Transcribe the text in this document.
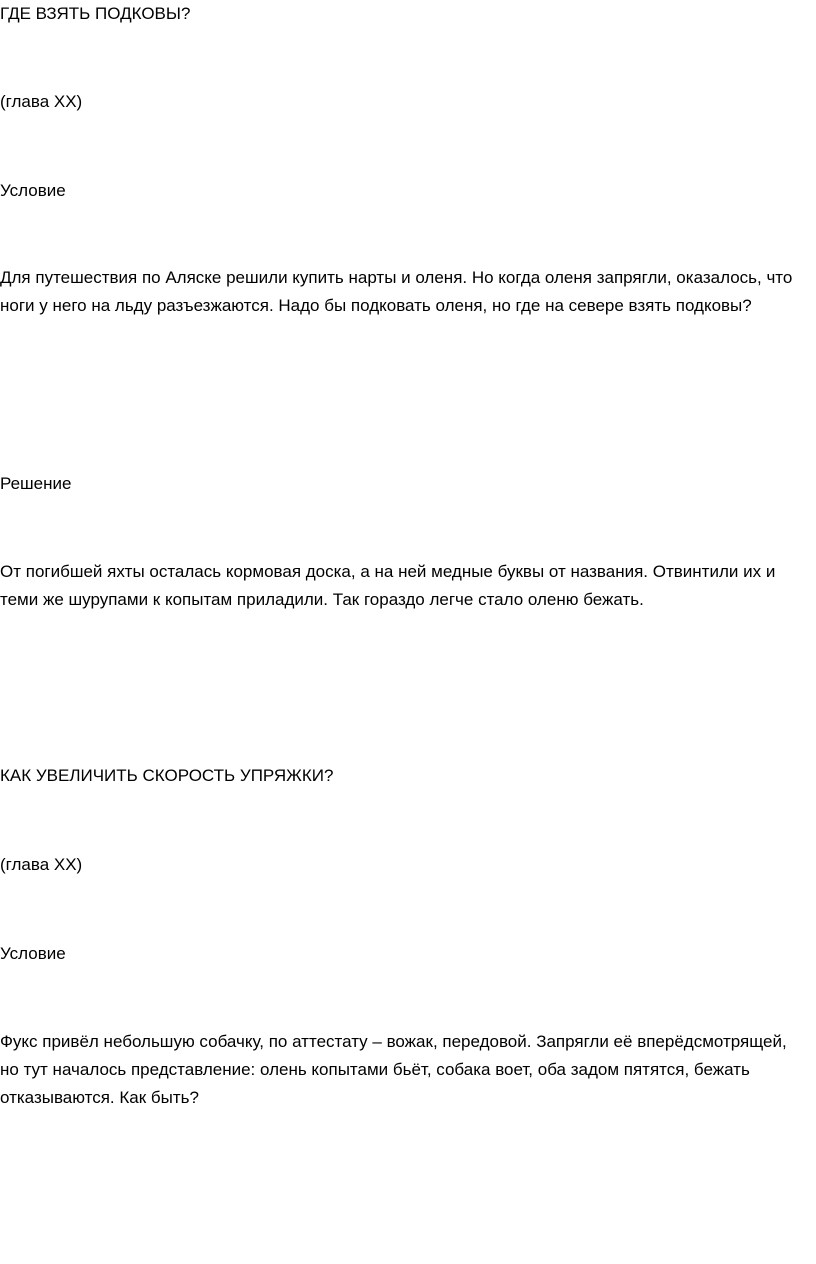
ГДЕ ВЗЯТЬ ПОДКОВЫ?

(глава XX)

Условие

Для путешествия по Аляске решили купить нарты и оленя. Но когда оленя запрягли, оказалось, что
ноги у него на льду разъезжаются. Надо бы подковать оленя, но где на севере взять подковы?

Решение

От погибшей яхты осталась кормовая доска, а на ней медные буквы от названия. Отвинтили их и
теми же шурупами к копытам приладили. Так гораздо легче стало оленю бежать.

КАК УВЕЛИЧИТЬ СКОРОСТЬ УПРЯЖКИ?

(глава XX)

Условие

Фукс привёл небольшую собачку, по аттестату – вожак, передовой. Запрягли её вперёдсмотрящей,
но тут началось представление: олень копытами бьёт, собака воет, оба задом пятятся, бежать
отказываются. Как быть?
